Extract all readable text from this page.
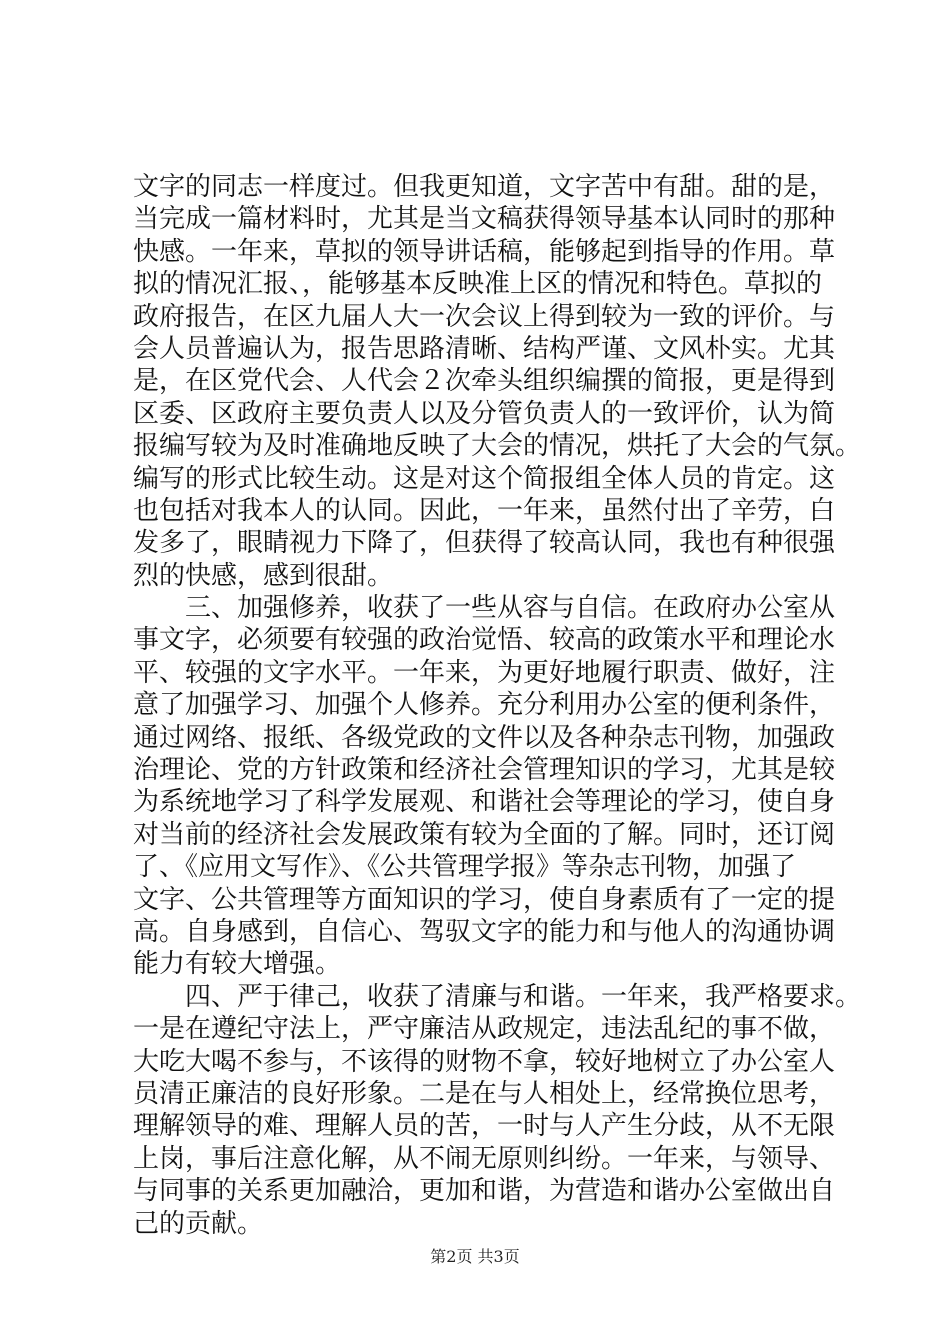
文字的同志一样度过。但我更知道，文字苦中有甜。甜的是，
当完成一篇材料时，尤其是当文稿获得领导基本认同时的那种
快感。一年来，草拟的领导讲话稿，能够起到指导的作用。草
拟的情况汇报、，能够基本反映准上区的情况和特色。草拟的
政府报告，在区九届人大一次会议上得到较为一致的评价。与
会人员普遍认为，报告思路清晰、结构严谨、文风朴实。尤其
是，在区党代会、人代会２次牵头组织编撰的简报，更是得到
区委、区政府主要负责人以及分管负责人的一致评价，认为简
报编写较为及时准确地反映了大会的情况，烘托了大会的气氛。
编写的形式比较生动。这是对这个简报组全体人员的肯定。这
也包括对我本人的认同。因此，一年来，虽然付出了辛劳，白
发多了，眼睛视力下降了，但获得了较高认同，我也有种很强
烈的快感，感到很甜。
　　三、加强修养，收获了一些从容与自信。在政府办公室从
事文字，必须要有较强的政治觉悟、较高的政策水平和理论水
平、较强的文字水平。一年来，为更好地履行职责、做好，注
意了加强学习、加强个人修养。充分利用办公室的便利条件，
通过网络、报纸、各级党政的文件以及各种杂志刊物，加强政
治理论、党的方针政策和经济社会管理知识的学习，尤其是较
为系统地学习了科学发展观、和谐社会等理论的学习，使自身
对当前的经济社会发展政策有较为全面的了解。同时，还订阅
了、《应用文写作》、《公共管理学报》等杂志刊物，加强了
文字、公共管理等方面知识的学习，使自身素质有了一定的提
高。自身感到，自信心、驾驭文字的能力和与他人的沟通协调
能力有较大增强。
　　四、严于律己，收获了清廉与和谐。一年来，我严格要求。
一是在遵纪守法上，严守廉洁从政规定，违法乱纪的事不做，
大吃大喝不参与，不该得的财物不拿，较好地树立了办公室人
员清正廉洁的良好形象。二是在与人相处上，经常换位思考，
理解领导的难、理解人员的苦，一时与人产生分歧，从不无限
上岗，事后注意化解，从不闹无原则纠纷。一年来，与领导、
与同事的关系更加融洽，更加和谐，为营造和谐办公室做出自
己的贡献。
第2页 共3页
